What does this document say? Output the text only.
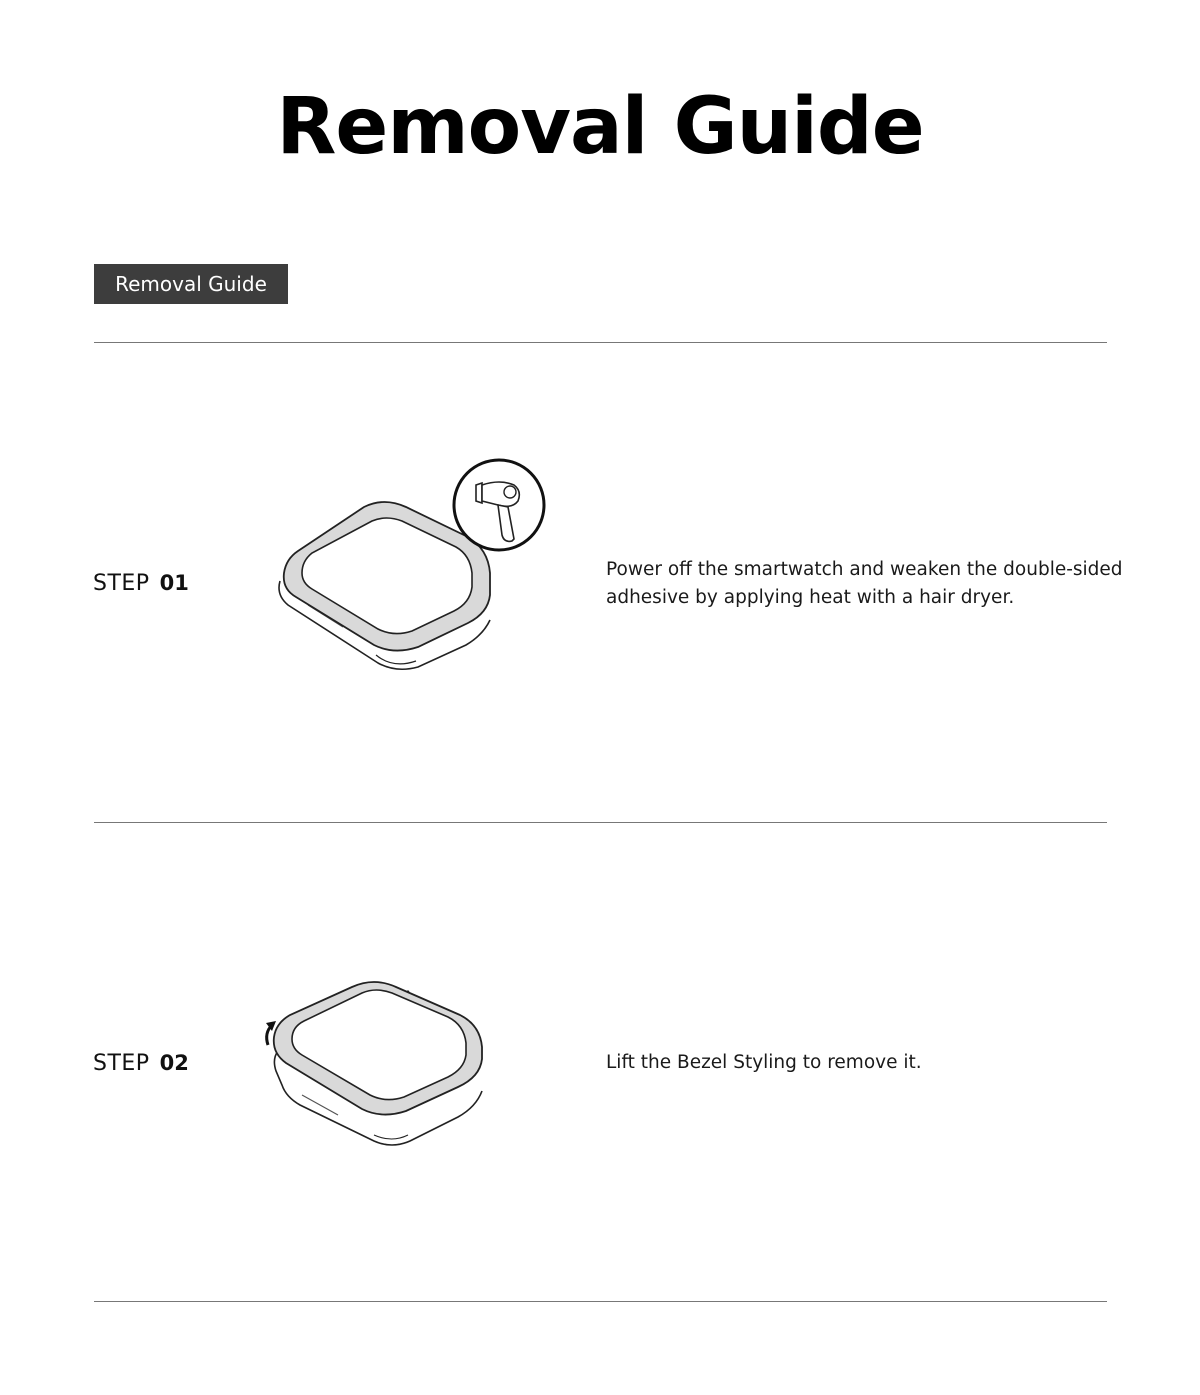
Removal Guide
Removal Guide
STEP 01
Power off the smartwatch and weaken the double-sided adhesive by applying heat with a hair dryer.
STEP 02	Lift the Bezel Styling to remove it.
